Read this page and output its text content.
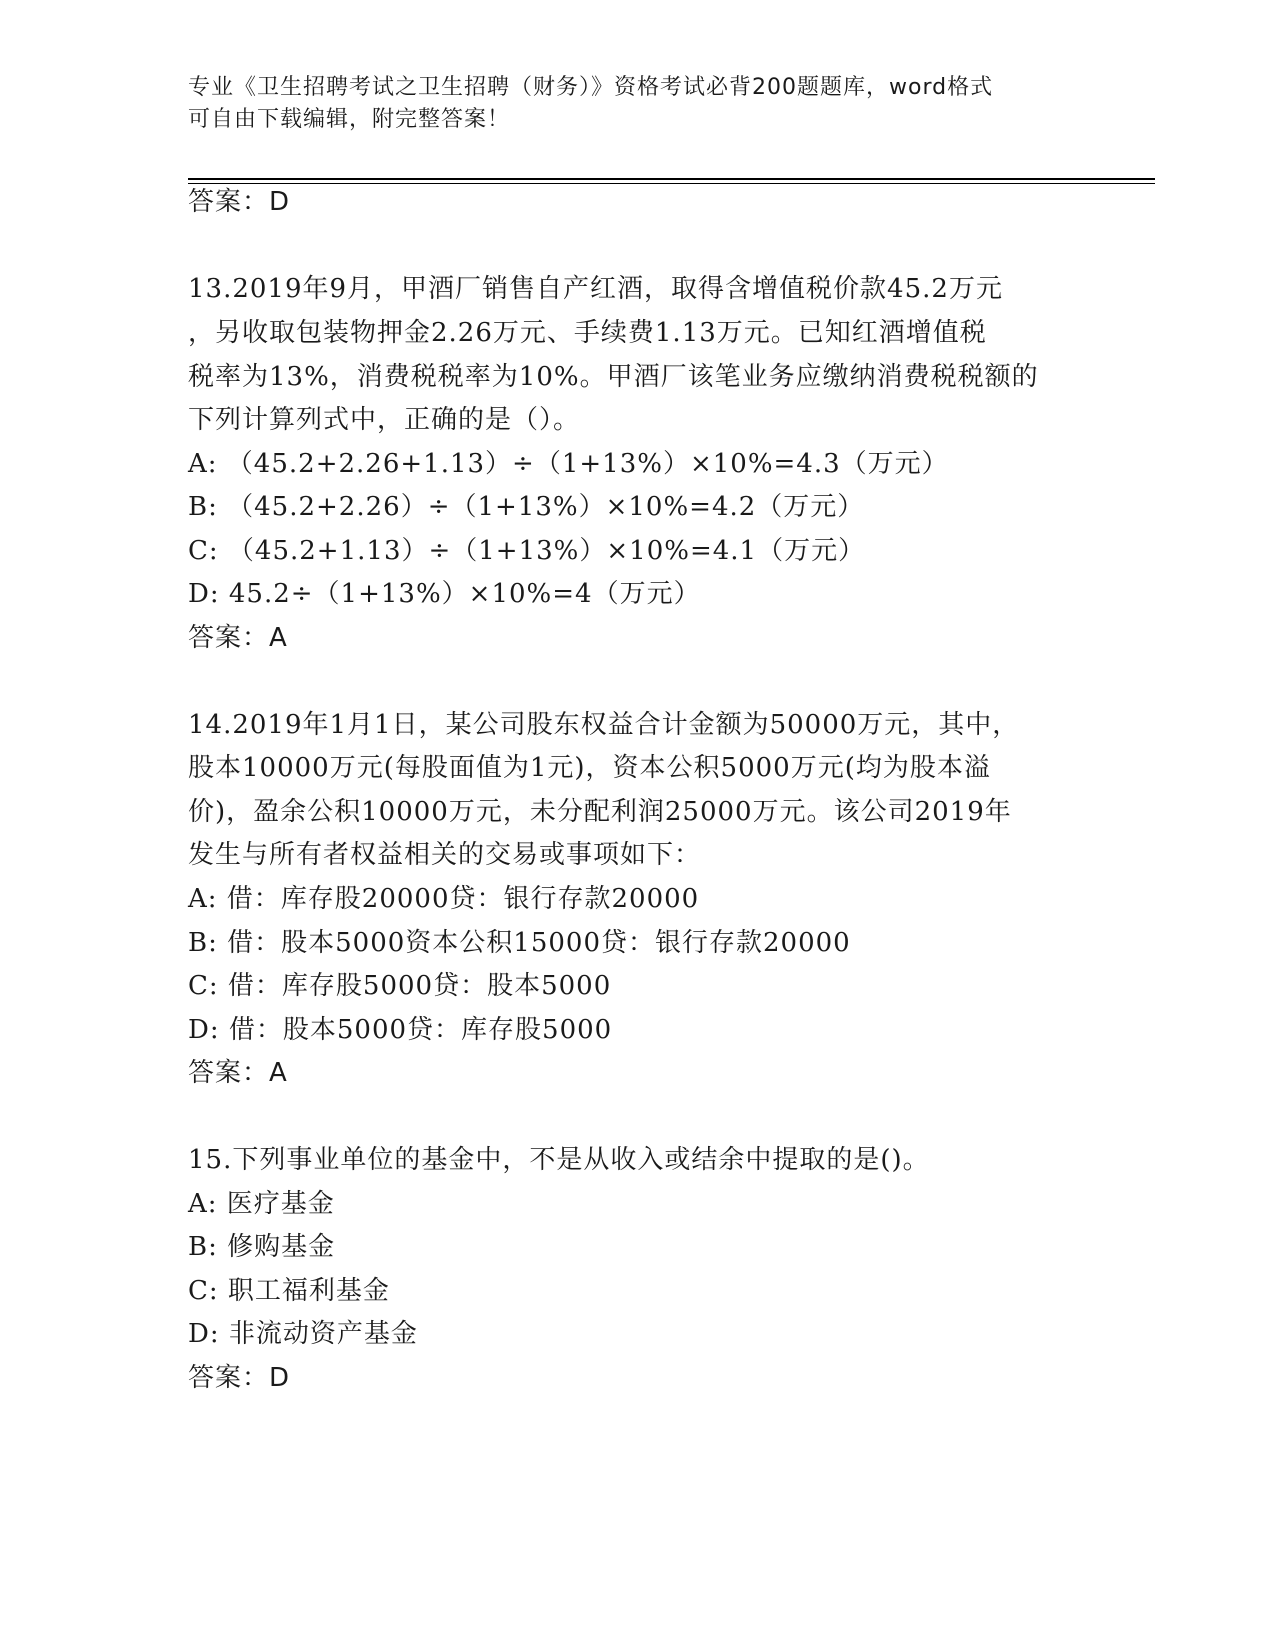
专业《卫生招聘考试之卫生招聘（财务）》资格考试必背200题题库，word格式
可自由下载编辑，附完整答案！
答案：D
13.2019年9月，甲酒厂销售自产红酒，取得含增值税价款45.2万元
，另收取包装物押金2.26万元、手续费1.13万元。已知红酒增值税
税率为13%，消费税税率为10%。甲酒厂该笔业务应缴纳消费税税额的
下列计算列式中，正确的是（）。
A: （45.2+2.26+1.13）÷（1+13%）×10%=4.3（万元）
B: （45.2+2.26）÷（1+13%）×10%=4.2（万元）
C: （45.2+1.13）÷（1+13%）×10%=4.1（万元）
D: 45.2÷（1+13%）×10%=4（万元）
答案：A
14.2019年1月1日，某公司股东权益合计金额为50000万元，其中，
股本10000万元(每股面值为1元)，资本公积5000万元(均为股本溢
价)，盈余公积10000万元，未分配利润25000万元。该公司2019年
发生与所有者权益相关的交易或事项如下：
A: 借：库存股20000贷：银行存款20000
B: 借：股本5000资本公积15000贷：银行存款20000
C: 借：库存股5000贷：股本5000
D: 借：股本5000贷：库存股5000
答案：A
15.下列事业单位的基金中，不是从收入或结余中提取的是()。
A: 医疗基金
B: 修购基金
C: 职工福利基金
D: 非流动资产基金
答案：D
